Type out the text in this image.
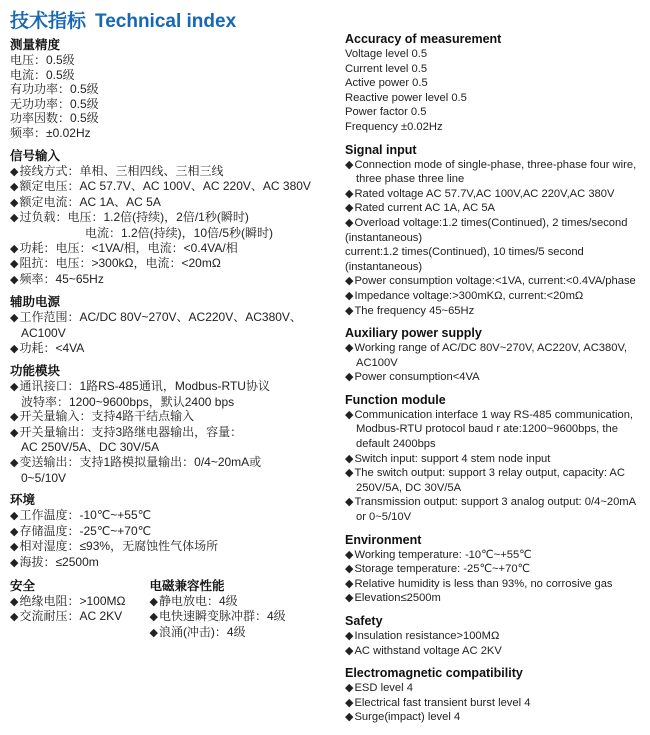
技术指标 Technical index
测量精度
电压：0.5级
电流：0.5级
有功功率：0.5级
无功功率：0.5级
功率因数：0.5级
频率：±0.02Hz
信号输入
◆ 接线方式：单相、三相四线、三相三线
◆ 额定电压：AC 57.7V、AC 100V、AC 220V、AC 380V
◆ 额定电流：AC 1A、AC 5A
◆ 过负载：电压：1.2倍(持续)，2倍/1秒(瞬时)
电流：1.2倍(持续)，10倍/5秒(瞬时)
◆ 功耗：电压：<1VA/相，电流：<0.4VA/相
◆ 阻抗：电压：>300kΩ，电流：<20mΩ
◆ 频率：45~65Hz
辅助电源
◆ 工作范围：AC/DC 80V~270V、AC220V、AC380V、
AC100V
◆ 功耗：<4VA
功能模块
◆ 通讯接口：1路RS-485通讯，Modbus-RTU协议
波特率：1200~9600bps，默认2400 bps
◆ 开关量输入：支持4路干结点输入
◆ 开关量输出：支持3路继电器输出，容量：
AC 250V/5A、DC 30V/5A
◆ 变送输出：支持1路模拟量输出：0/4~20mA或
0~5/10V
环境
◆ 工作温度：-10℃~+55℃
◆ 存储温度：-25℃~+70℃
◆ 相对湿度：≤93%，无腐蚀性气体场所
◆ 海拔：≤2500m
安全
◆ 绝缘电阻：>100MΩ
◆ 交流耐压：AC 2KV
电磁兼容性能
◆ 静电放电：4级
◆ 电快速瞬变脉冲群：4级
◆ 浪涌(冲击)：4级
Accuracy of measurement
Voltage level 0.5
Current level 0.5
Active power 0.5
Reactive power level 0.5
Power factor 0.5
Frequency ±0.02Hz
Signal input
◆ Connection mode of single-phase, three-phase four wire, three phase three line
◆ Rated voltage AC 57.7V,AC 100V,AC 220V,AC 380V
◆ Rated current AC 1A, AC 5A
◆ Overload voltage:1.2 times(Continued), 2 times/second
(instantaneous)
current:1.2 times(Continued), 10 times/5 second
(instantaneous)
◆ Power consumption voltage:<1VA, current:<0.4VA/phase
◆ Impedance voltage:>300mKΩ, current:<20mΩ
◆ The frequency 45~65Hz
Auxiliary power supply
◆ Working range of AC/DC 80V~270V, AC220V, AC380V, AC100V
◆ Power consumption<4VA
Function module
◆ Communication interface 1 way RS-485 communication, Modbus-RTU protocol baud r ate:1200~9600bps, the default 2400bps
◆ Switch input: support 4 stem node input
◆ The switch output: support 3 relay output, capacity: AC 250V/5A, DC 30V/5A
◆ Transmission output: support 3 analog output: 0/4~20mA or 0~5/10V
Environment
◆ Working temperature: -10℃~+55℃
◆ Storage temperature: -25℃~+70℃
◆ Relative humidity is less than 93%, no corrosive gas
◆ Elevation≤2500m
Safety
◆ Insulation resistance>100MΩ
◆ AC withstand voltage AC 2KV
Electromagnetic compatibility
◆ ESD level 4
◆ Electrical fast transient burst level 4
◆ Surge(impact) level 4
